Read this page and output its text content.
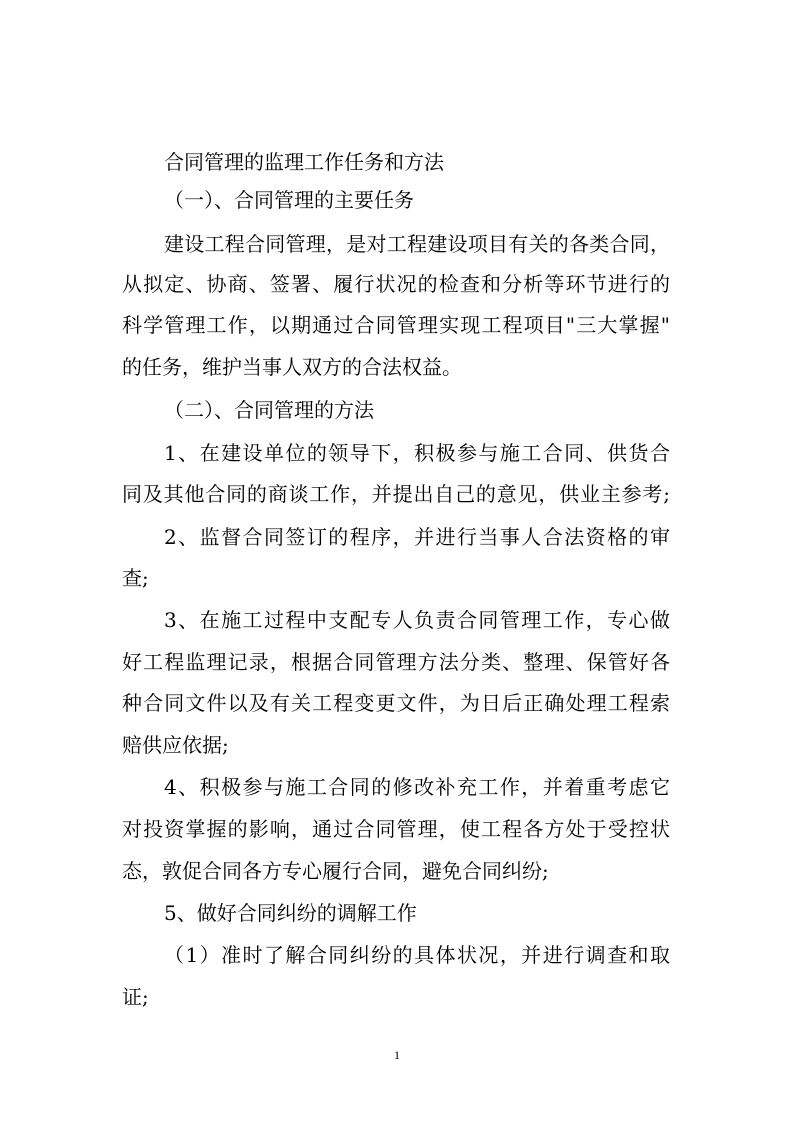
合同管理的监理工作任务和方法
（一）、合同管理的主要任务
建设工程合同管理，是对工程建设项目有关的各类合同，
从拟定、协商、签署、履行状况的检查和分析等环节进行的
科学管理工作，以期通过合同管理实现工程项目"三大掌握"
的任务，维护当事人双方的合法权益。
（二）、合同管理的方法
1、在建设单位的领导下，积极参与施工合同、供货合
同及其他合同的商谈工作，并提出自己的意见，供业主参考;
2、监督合同签订的程序，并进行当事人合法资格的审
查;
3、在施工过程中支配专人负责合同管理工作，专心做
好工程监理记录，根据合同管理方法分类、整理、保管好各
种合同文件以及有关工程变更文件，为日后正确处理工程索
赔供应依据;
4、积极参与施工合同的修改补充工作，并着重考虑它
对投资掌握的影响，通过合同管理，使工程各方处于受控状
态，敦促合同各方专心履行合同，避免合同纠纷;
5、做好合同纠纷的调解工作
（1）准时了解合同纠纷的具体状况，并进行调查和取
证;
1
